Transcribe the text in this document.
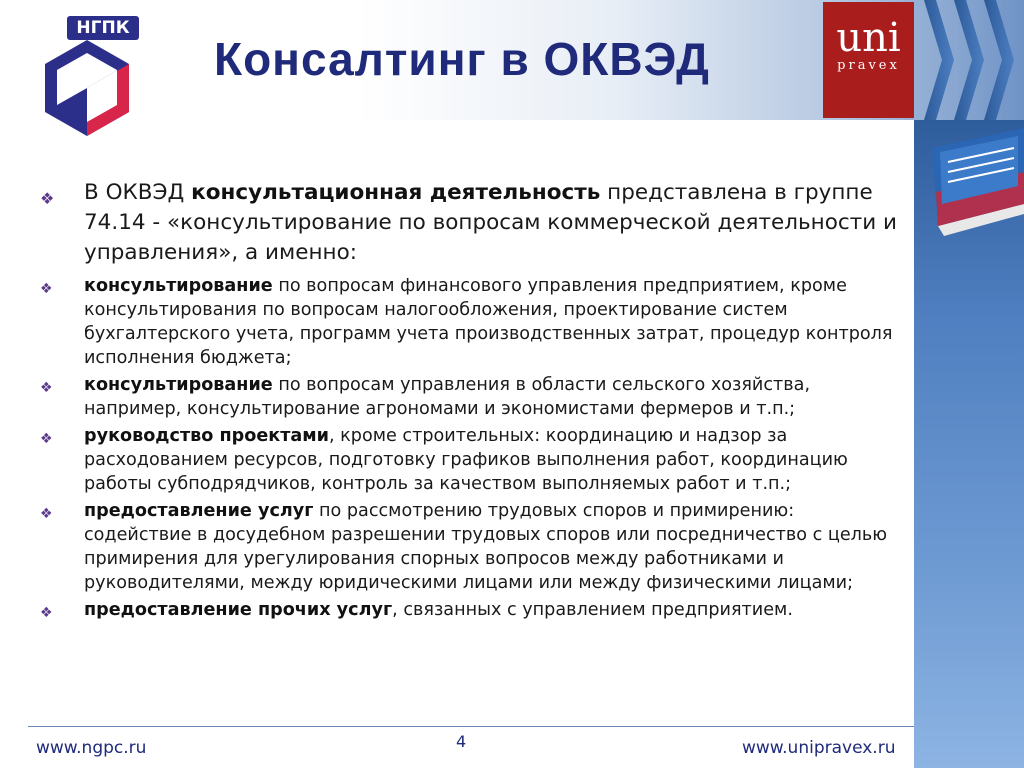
НГПК
Консалтинг в ОКВЭД	uni
pravex
❖	В ОКВЭД консультационная деятельность представлена в группе 74.14 - «консультирование по вопросам коммерческой деятельности и управления», а именно:
❖	консультирование по вопросам финансового управления предприятием, кроме консультирования по вопросам налогообложения, проектирование систем бухгалтерского учета, программ учета производственных затрат, процедур контроля исполнения бюджета;
❖	консультирование по вопросам управления в области сельского хозяйства, например, консультирование агрономами и экономистами фермеров и т.п.;
❖	руководство проектами, кроме строительных: координацию и надзор за расходованием ресурсов, подготовку графиков выполнения работ, координацию работы субподрядчиков, контроль за качеством выполняемых работ и т.п.;
❖	предоставление услуг по рассмотрению трудовых споров и примирению: содействие в досудебном разрешении трудовых споров или посредничество с целью примирения для урегулирования спорных вопросов между работниками и руководителями, между юридическими лицами или между физическими лицами;
❖	предоставление прочих услуг, связанных с управлением предприятием.
www.ngpc.ru	4	www.unipravex.ru
